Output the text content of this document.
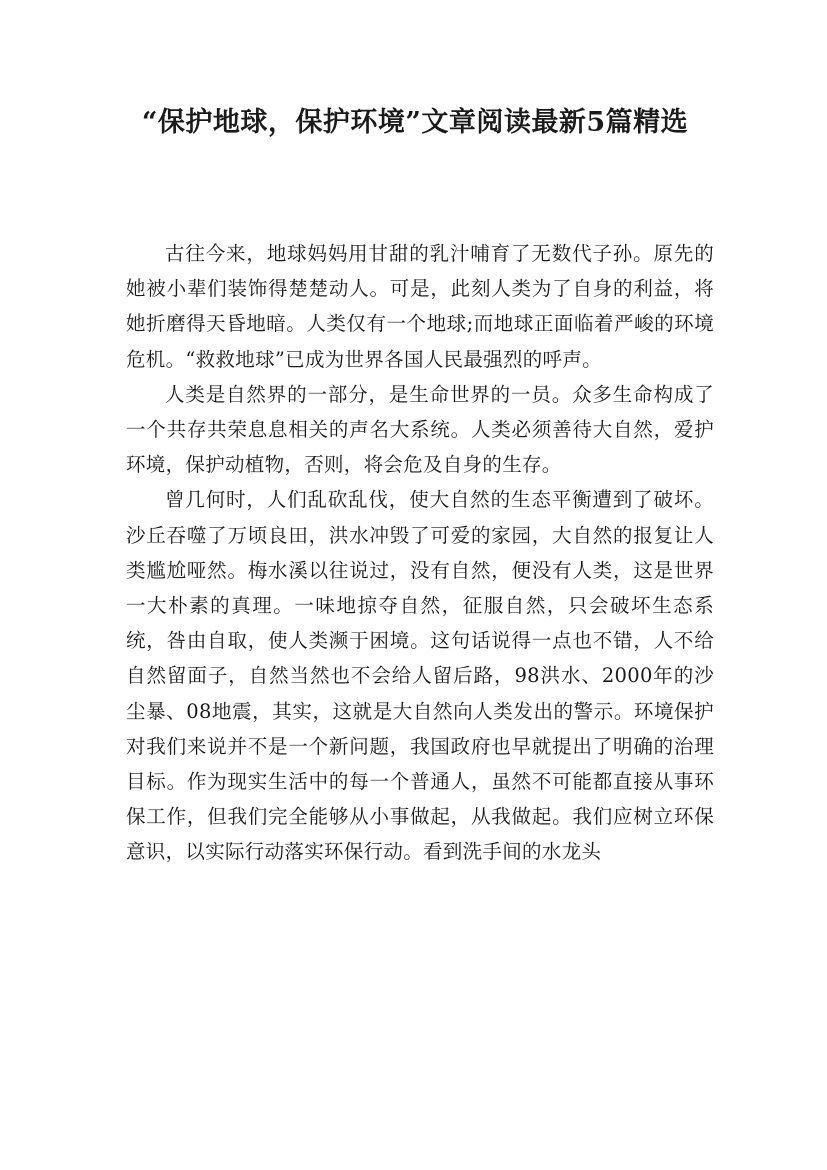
“保护地球，保护环境”文章阅读最新5篇精选

古往今来，地球妈妈用甘甜的乳汁哺育了无数代子孙。原先的她被小辈们装饰得楚楚动人。可是，此刻人类为了自身的利益，将她折磨得天昏地暗。人类仅有一个地球;而地球正面临着严峻的环境危机。“救救地球”已成为世界各国人民最强烈的呼声。

人类是自然界的一部分，是生命世界的一员。众多生命构成了一个共存共荣息息相关的声名大系统。人类必须善待大自然，爱护环境，保护动植物，否则，将会危及自身的生存。

曾几何时，人们乱砍乱伐，使大自然的生态平衡遭到了破坏。沙丘吞噬了万顷良田，洪水冲毁了可爱的家园，大自然的报复让人类尴尬哑然。梅水溪以往说过，没有自然，便没有人类，这是世界一大朴素的真理。一味地掠夺自然，征服自然，只会破坏生态系统，咎由自取，使人类濒于困境。这句话说得一点也不错，人不给自然留面子，自然当然也不会给人留后路，98洪水、2000年的沙尘暴、08地震，其实，这就是大自然向人类发出的警示。环境保护对我们来说并不是一个新问题，我国政府也早就提出了明确的治理目标。作为现实生活中的每一个普通人，虽然不可能都直接从事环保工作，但我们完全能够从小事做起，从我做起。我们应树立环保意识，以实际行动落实环保行动。看到洗手间的水龙头
